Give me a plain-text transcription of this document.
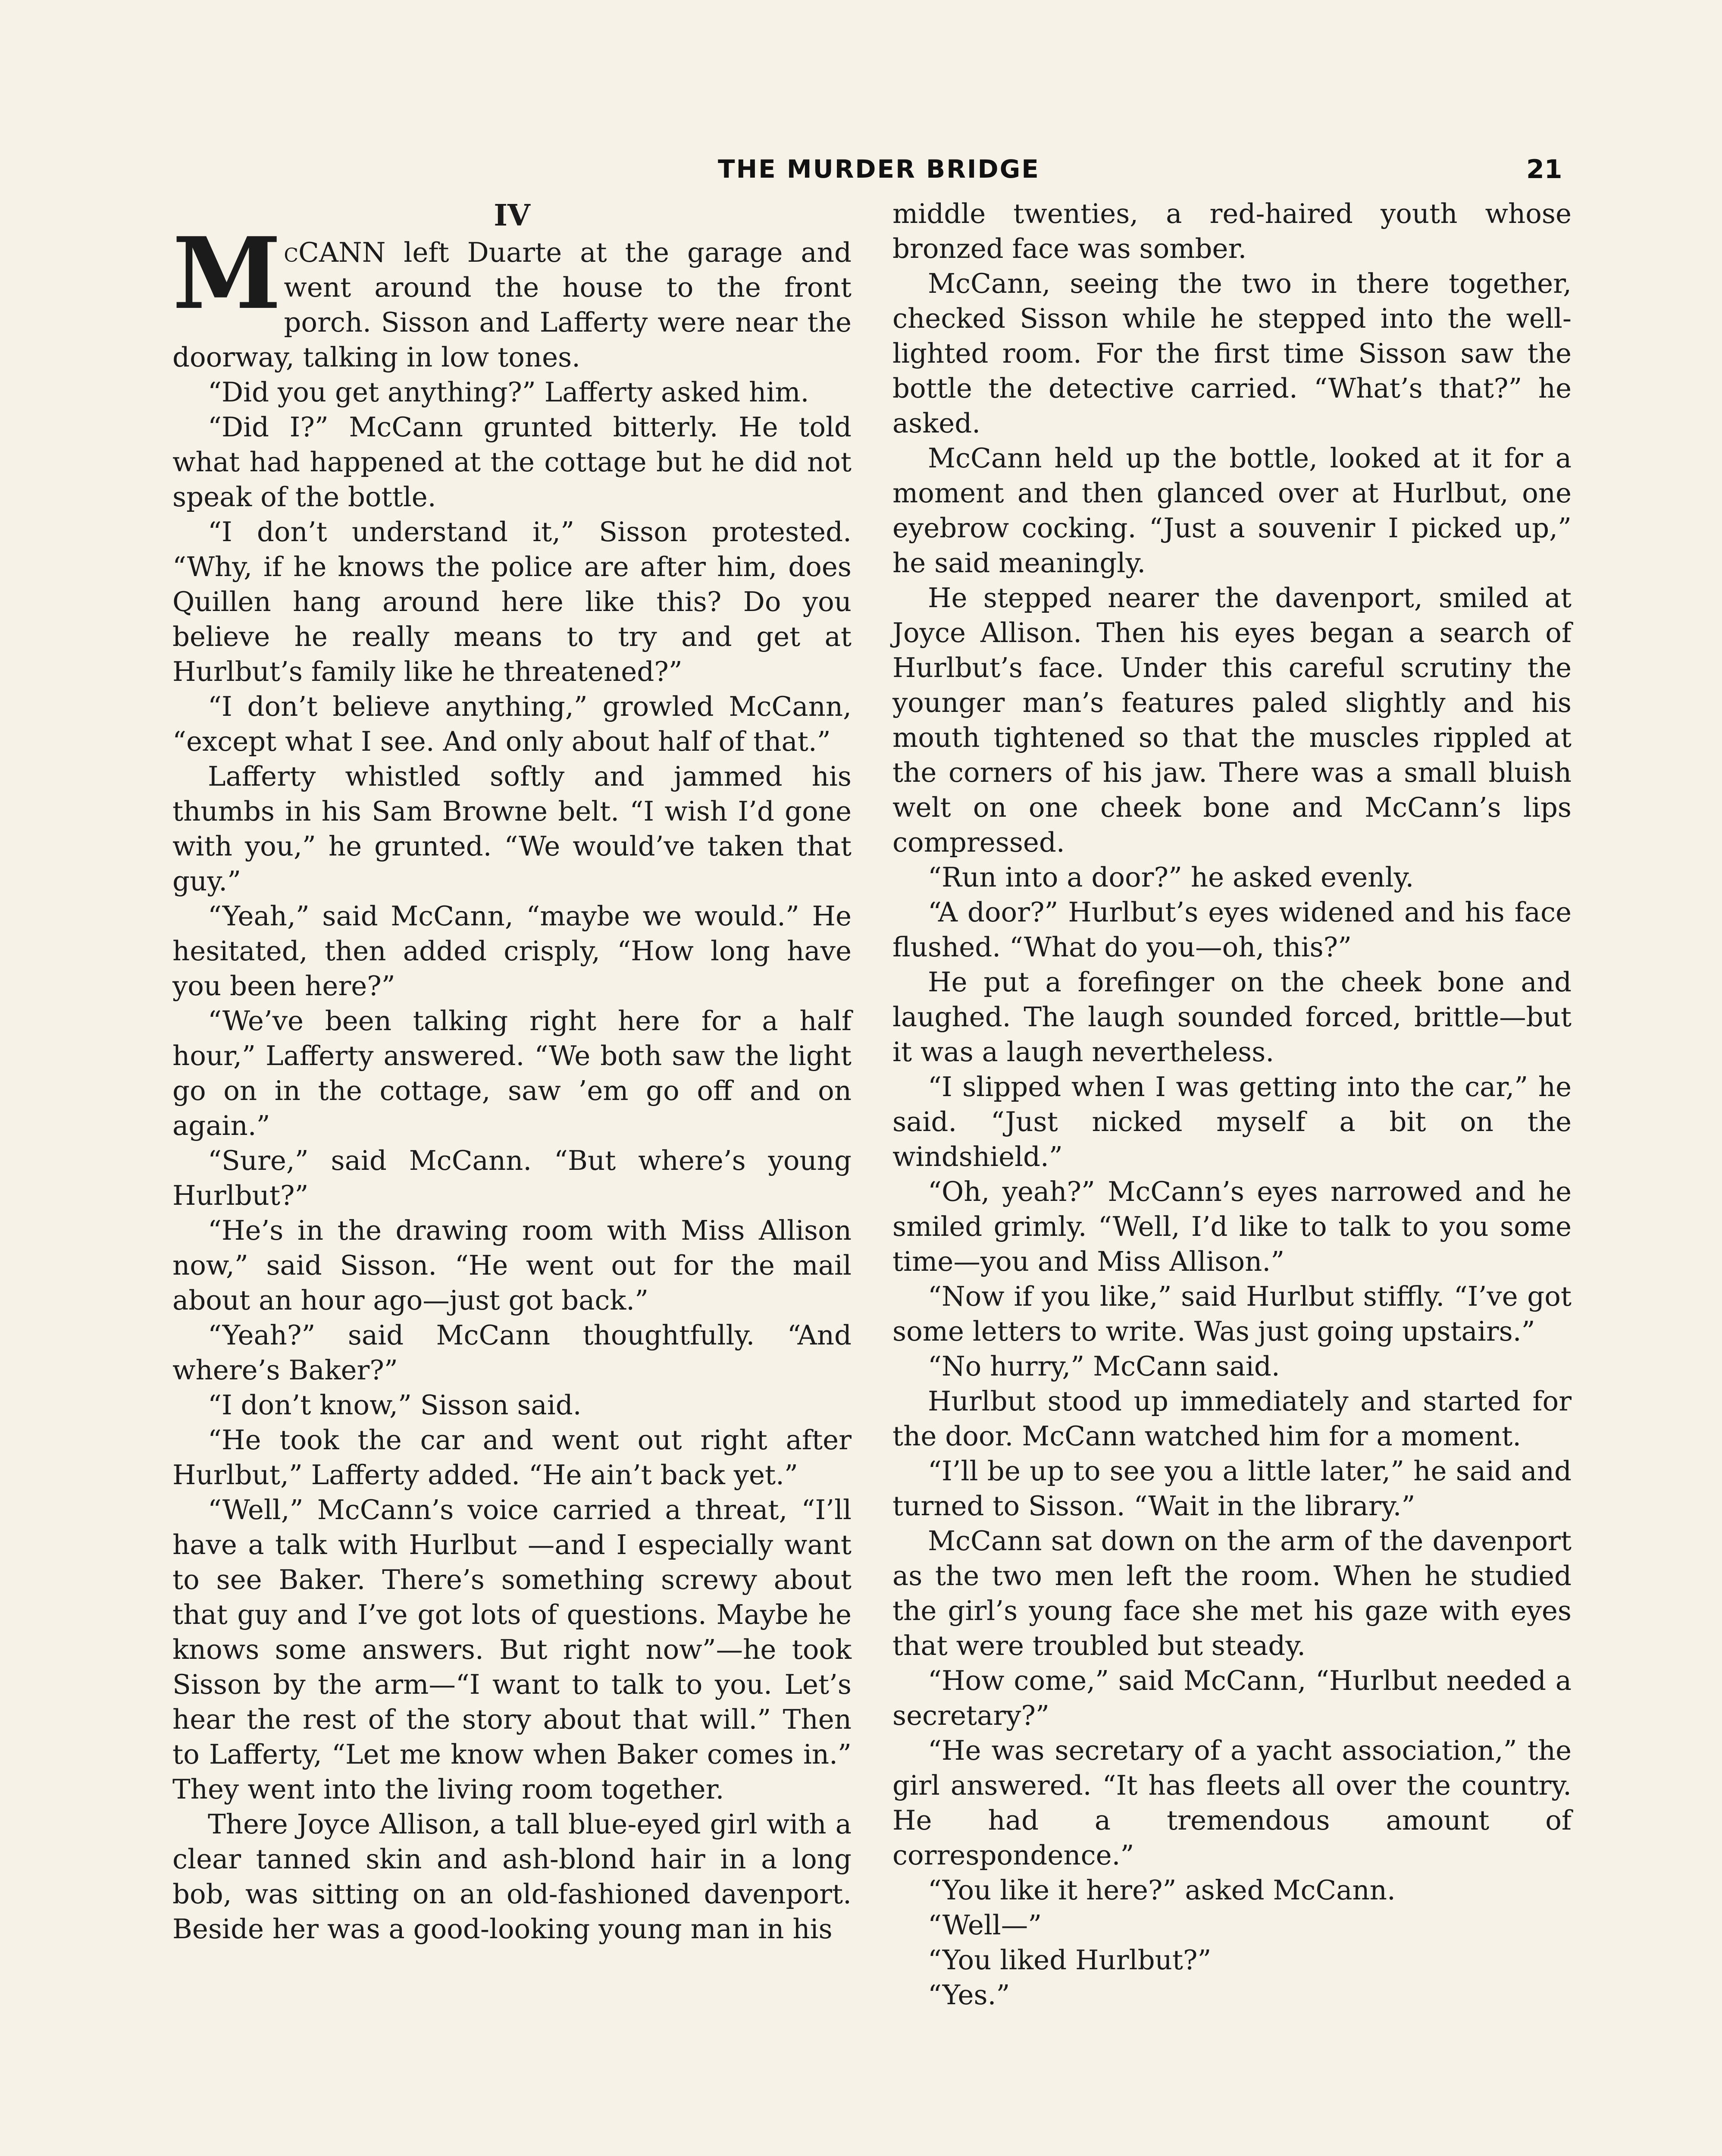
THE MURDER BRIDGE	21
IV

McCANN left Duarte at the garage and went around the house to the front porch. Sisson and Lafferty were near the doorway, talking in low tones.

“Did you get anything?” Lafferty asked him.

“Did I?” McCann grunted bitterly. He told what had happened at the cottage but he did not speak of the bottle.

“I don’t understand it,” Sisson protested. “Why, if he knows the police are after him, does Quillen hang around here like this? Do you believe he really means to try and get at Hurlbut’s family like he threatened?”

“I don’t believe anything,” growled McCann, “except what I see. And only about half of that.”

Lafferty whistled softly and jammed his thumbs in his Sam Browne belt. “I wish I’d gone with you,” he grunted. “We would’ve taken that guy.”

“Yeah,” said McCann, “maybe we would.” He hesitated, then added crisply, “How long have you been here?”

“We’ve been talking right here for a half hour,” Lafferty answered. “We both saw the light go on in the cottage, saw ’em go off and on again.”

“Sure,” said McCann. “But where’s young Hurlbut?”

“He’s in the drawing room with Miss Allison now,” said Sisson. “He went out for the mail about an hour ago—just got back.”

“Yeah?” said McCann thoughtfully. “And where’s Baker?”

“I don’t know,” Sisson said.

“He took the car and went out right after Hurlbut,” Lafferty added. “He ain’t back yet.”

“Well,” McCann’s voice carried a threat, “I’ll have a talk with Hurlbut —and I especially want to see Baker. There’s something screwy about that guy and I’ve got lots of questions. Maybe he knows some answers. But right now”—he took Sisson by the arm—“I want to talk to you. Let’s hear the rest of the story about that will.” Then to Lafferty, “Let me know when Baker comes in.” They went into the living room together.

There Joyce Allison, a tall blue-eyed girl with a clear tanned skin and ash-blond hair in a long bob, was sitting on an old-fashioned davenport. Beside her was a good-looking young man in his

middle twenties, a red-haired youth whose bronzed face was somber.

McCann, seeing the two in there together, checked Sisson while he stepped into the well-lighted room. For the first time Sisson saw the bottle the detective carried. “What’s that?” he asked.

McCann held up the bottle, looked at it for a moment and then glanced over at Hurlbut, one eyebrow cocking. “Just a souvenir I picked up,” he said meaningly.

He stepped nearer the davenport, smiled at Joyce Allison. Then his eyes began a search of Hurlbut’s face. Under this careful scrutiny the younger man’s features paled slightly and his mouth tightened so that the muscles rippled at the corners of his jaw. There was a small bluish welt on one cheek bone and McCann’s lips compressed.

“Run into a door?” he asked evenly.

“A door?” Hurlbut’s eyes widened and his face flushed. “What do you—oh, this?”

He put a forefinger on the cheek bone and laughed. The laugh sounded forced, brittle—but it was a laugh nevertheless.

“I slipped when I was getting into the car,” he said. “Just nicked myself a bit on the windshield.”

“Oh, yeah?” McCann’s eyes narrowed and he smiled grimly. “Well, I’d like to talk to you some time—you and Miss Allison.”

“Now if you like,” said Hurlbut stiffly. “I’ve got some letters to write. Was just going upstairs.”

“No hurry,” McCann said.

Hurlbut stood up immediately and started for the door. McCann watched him for a moment.

“I’ll be up to see you a little later,” he said and turned to Sisson. “Wait in the library.”

McCann sat down on the arm of the davenport as the two men left the room. When he studied the girl’s young face she met his gaze with eyes that were troubled but steady.

“How come,” said McCann, “Hurlbut needed a secretary?”

“He was secretary of a yacht association,” the girl answered. “It has fleets all over the country. He had a tremendous amount of correspondence.”

“You like it here?” asked McCann.

“Well—”

“You liked Hurlbut?”

“Yes.”
